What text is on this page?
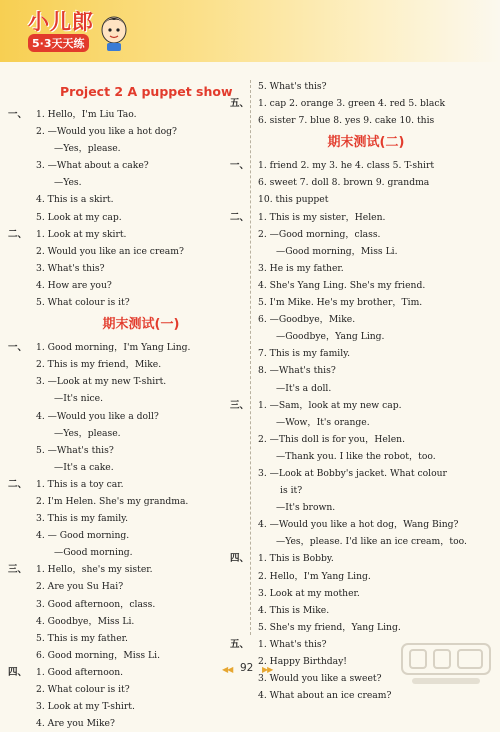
小儿郎
5·3天天练
Project 2 A puppet show
一、 1. Hello，I'm Liu Tao.
2. —Would you like a hot dog?
—Yes，please.
3. —What about a cake?
—Yes.
4. This is a skirt.
5. Look at my cap.
二、 1. Look at my skirt.
2. Would you like an ice cream?
3. What's this?
4. How are you?
5. What colour is it?
期末测试(一)
一、 1. Good morning，I'm Yang Ling.
2. This is my friend，Mike.
3. —Look at my new T-shirt.
—It's nice.
4. —Would you like a doll?
—Yes，please.
5. —What's this?
—It's a cake.
二、 1. This is a toy car.
2. I'm Helen. She's my grandma.
3. This is my family.
4. — Good morning.
—Good morning.
三、 1. Hello，she's my sister.
2. Are you Su Hai?
3. Good afternoon，class.
4. Goodbye，Miss Li.
5. This is my father.
6. Good morning，Miss Li.
四、 1. Good afternoon.
2. What colour is it?
3. Look at my T-shirt.
4. Are you Mike?
5. What's this?
五、 1. cap 2. orange 3. green 4. red 5. black
6. sister 7. blue 8. yes 9. cake 10. this
期末测试(二)
一、 1. friend 2. my 3. he 4. class 5. T-shirt
6. sweet 7. doll 8. brown 9. grandma
10. this puppet
二、 1. This is my sister，Helen.
2. —Good morning，class.
—Good morning，Miss Li.
3. He is my father.
4. She's Yang Ling. She's my friend.
5. I'm Mike. He's my brother，Tim.
6. —Goodbye，Mike.
—Goodbye，Yang Ling.
7. This is my family.
8. —What's this?
—It's a doll.
三、 1. —Sam，look at my new cap.
—Wow，It's orange.
2. —This doll is for you，Helen.
—Thank you. I like the robot，too.
3. —Look at Bobby's jacket. What colour
is it?
—It's brown.
4. —Would you like a hot dog，Wang Bing?
—Yes，please. I'd like an ice cream，too.
四、 1. This is Bobby.
2. Hello，I'm Yang Ling.
3. Look at my mother.
4. This is Mike.
5. She's my friend，Yang Ling.
五、 1. What's this?
2. Happy Birthday!
3. Would you like a sweet?
4. What about an ice cream?
◀◀ 92 ▶▶
